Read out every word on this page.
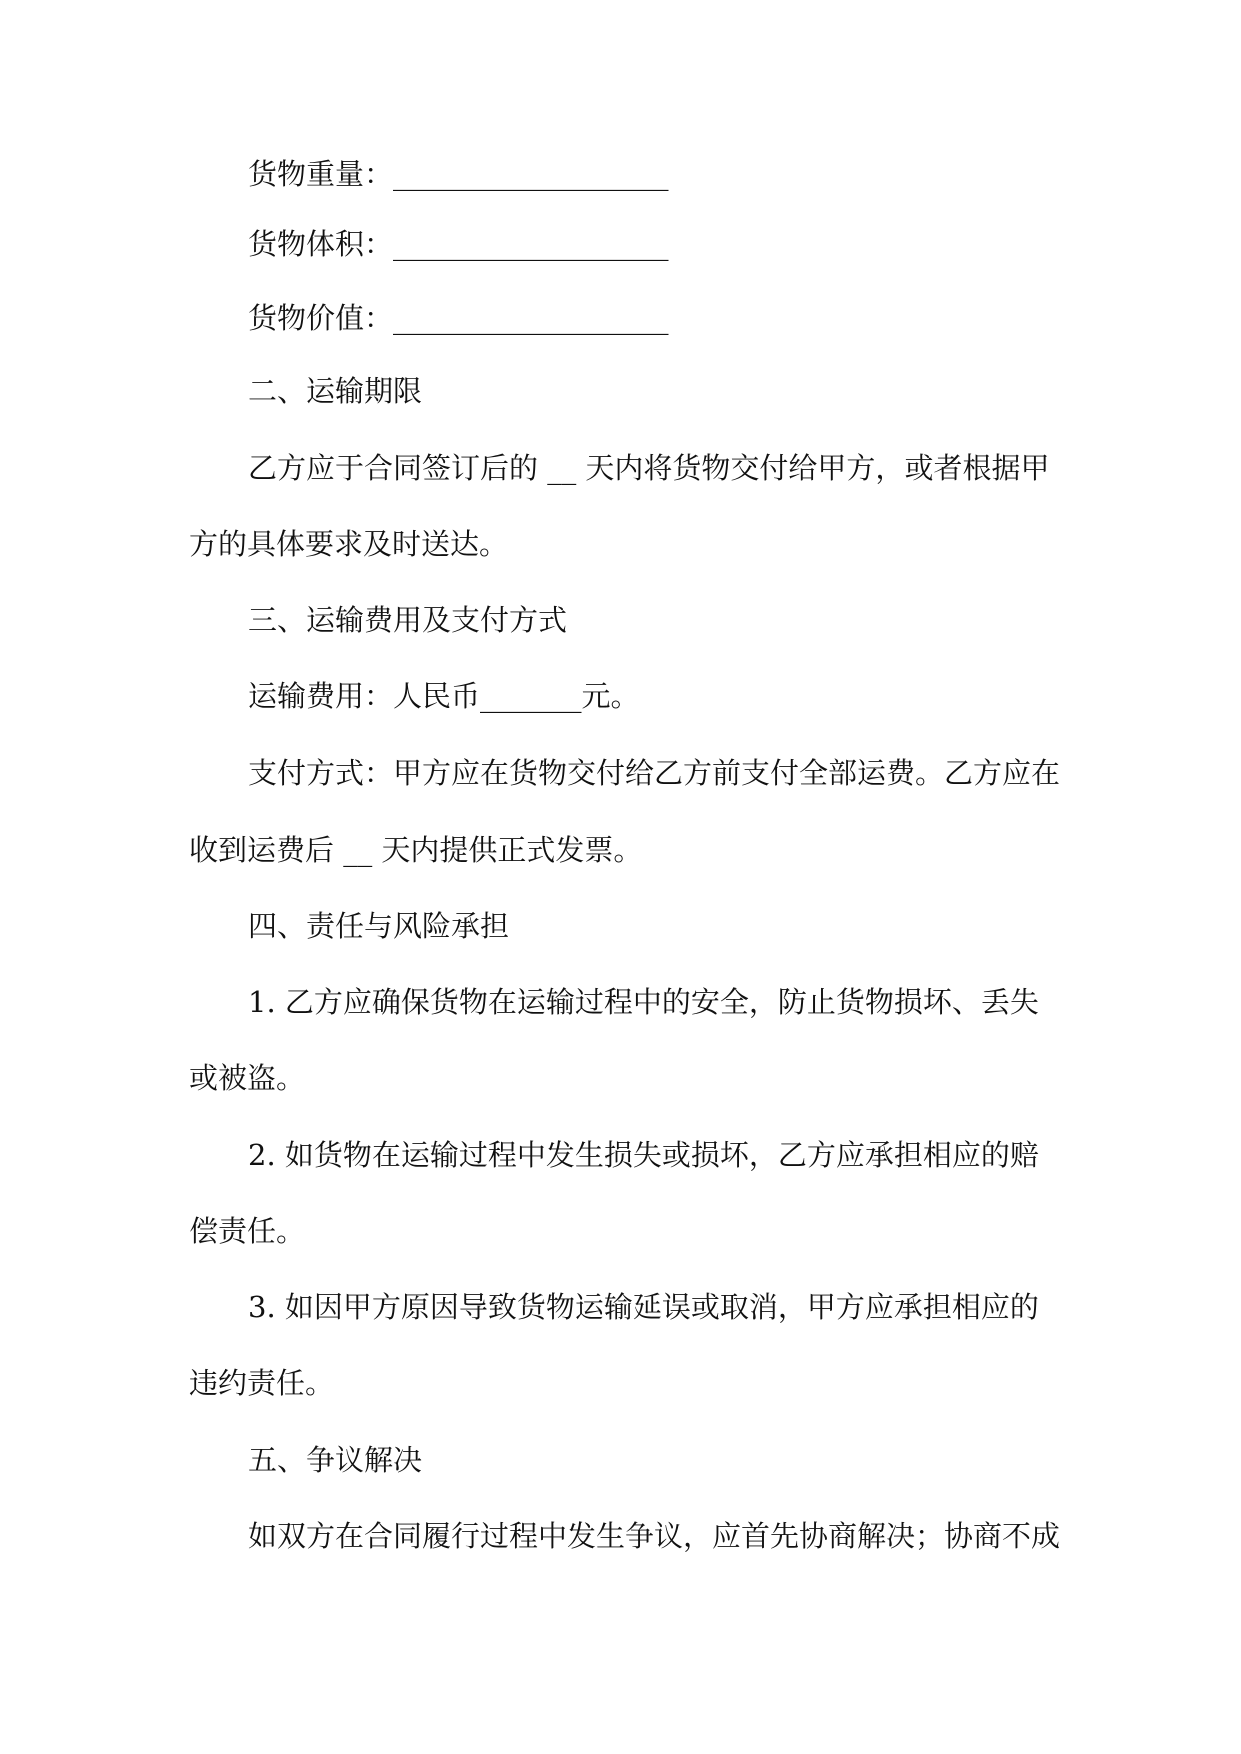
货物重量：___________________

货物体积：___________________

货物价值：___________________

二、运输期限

乙方应于合同签订后的 __ 天内将货物交付给甲方，或者根据甲

方的具体要求及时送达。

三、运输费用及支付方式

运输费用：人民币_______元。

支付方式：甲方应在货物交付给乙方前支付全部运费。乙方应在

收到运费后 __ 天内提供正式发票。

四、责任与风险承担

1. 乙方应确保货物在运输过程中的安全，防止货物损坏、丢失

或被盗。

2. 如货物在运输过程中发生损失或损坏，乙方应承担相应的赔

偿责任。

3. 如因甲方原因导致货物运输延误或取消，甲方应承担相应的

违约责任。

五、争议解决

如双方在合同履行过程中发生争议，应首先协商解决；协商不成
